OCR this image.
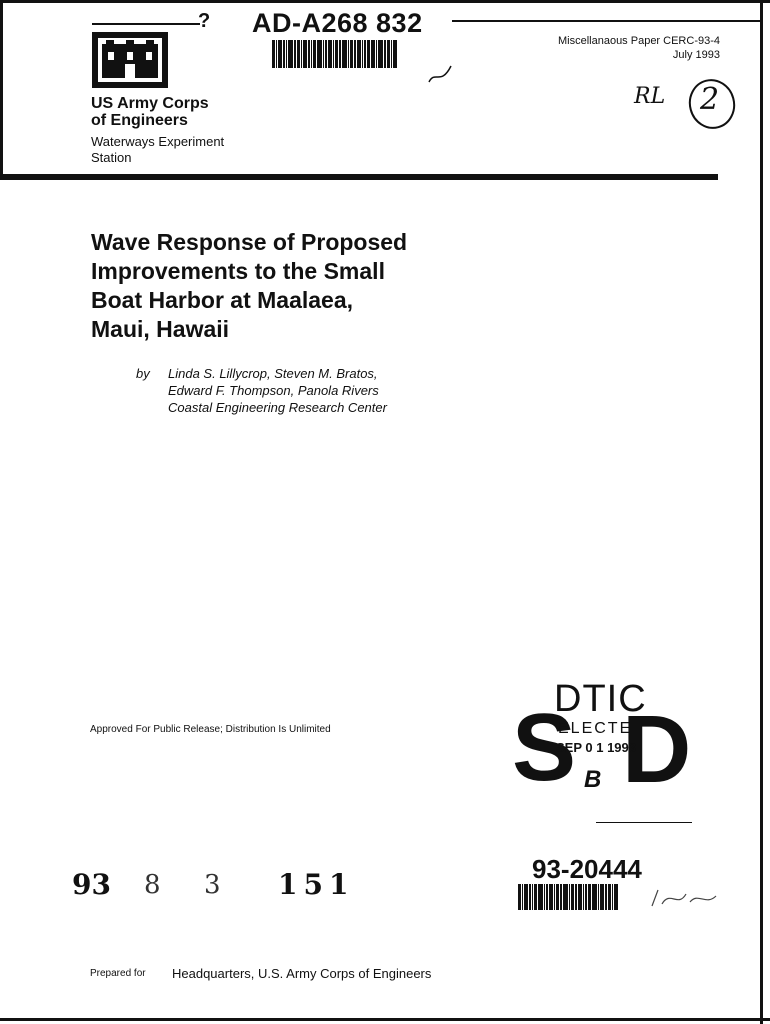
?
US Army Corps
of Engineers
Waterways Experiment
Station
AD-A268 832
Miscellanaous Paper CERC-93-4
July 1993
RL 2
Wave Response of Proposed
Improvements to the Small
Boat Harbor at Maalaea,
Maui, Hawaii
by Linda S. Lillycrop, Steven M. Bratos,
Edward F. Thompson, Panola Rivers
Coastal Engineering Research Center
Approved For Public Release; Distribution Is Unlimited
DTIC
S D
ELECTE
SEP 0 1 1993
B
93 8 3 151	93-20444
Prepared for Headquarters, U.S. Army Corps of Engineers
